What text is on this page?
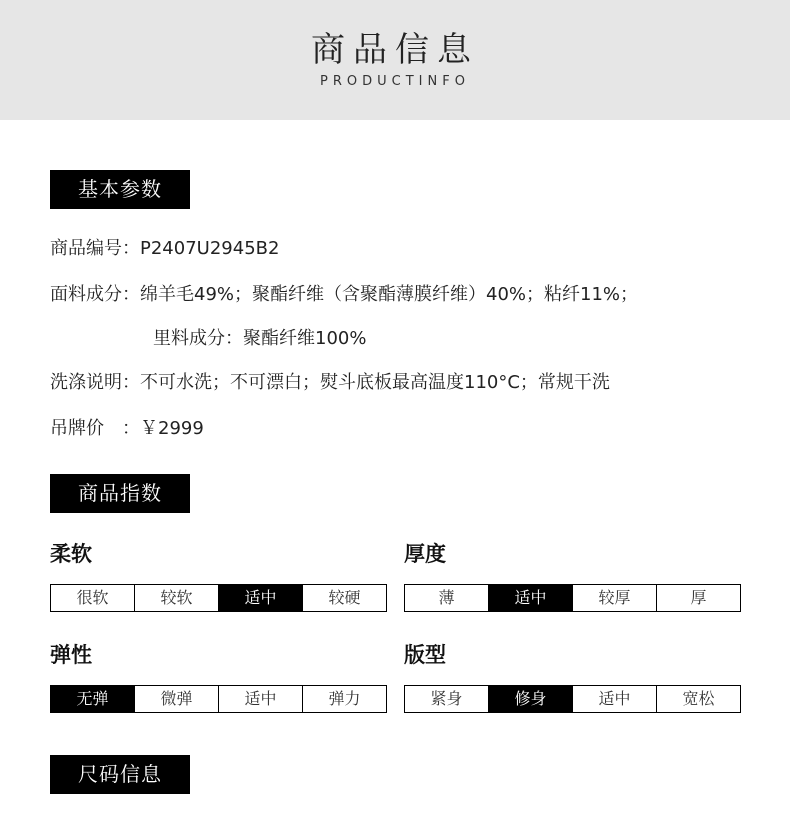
商品信息
PRODUCTINFO
基本参数
商品编号：P2407U2945B2
面料成分：绵羊毛49%；聚酯纤维（含聚酯薄膜纤维）40%；粘纤11%；
里料成分：聚酯纤维100%
洗涤说明：不可水洗；不可漂白；熨斗底板最高温度110°C；常规干洗
吊牌价　：￥2999
商品指数
柔软
很软	较软	适中	较硬
厚度
薄	适中	较厚	厚
弹性
无弹	微弹	适中	弹力
版型
紧身	修身	适中	宽松
尺码信息
